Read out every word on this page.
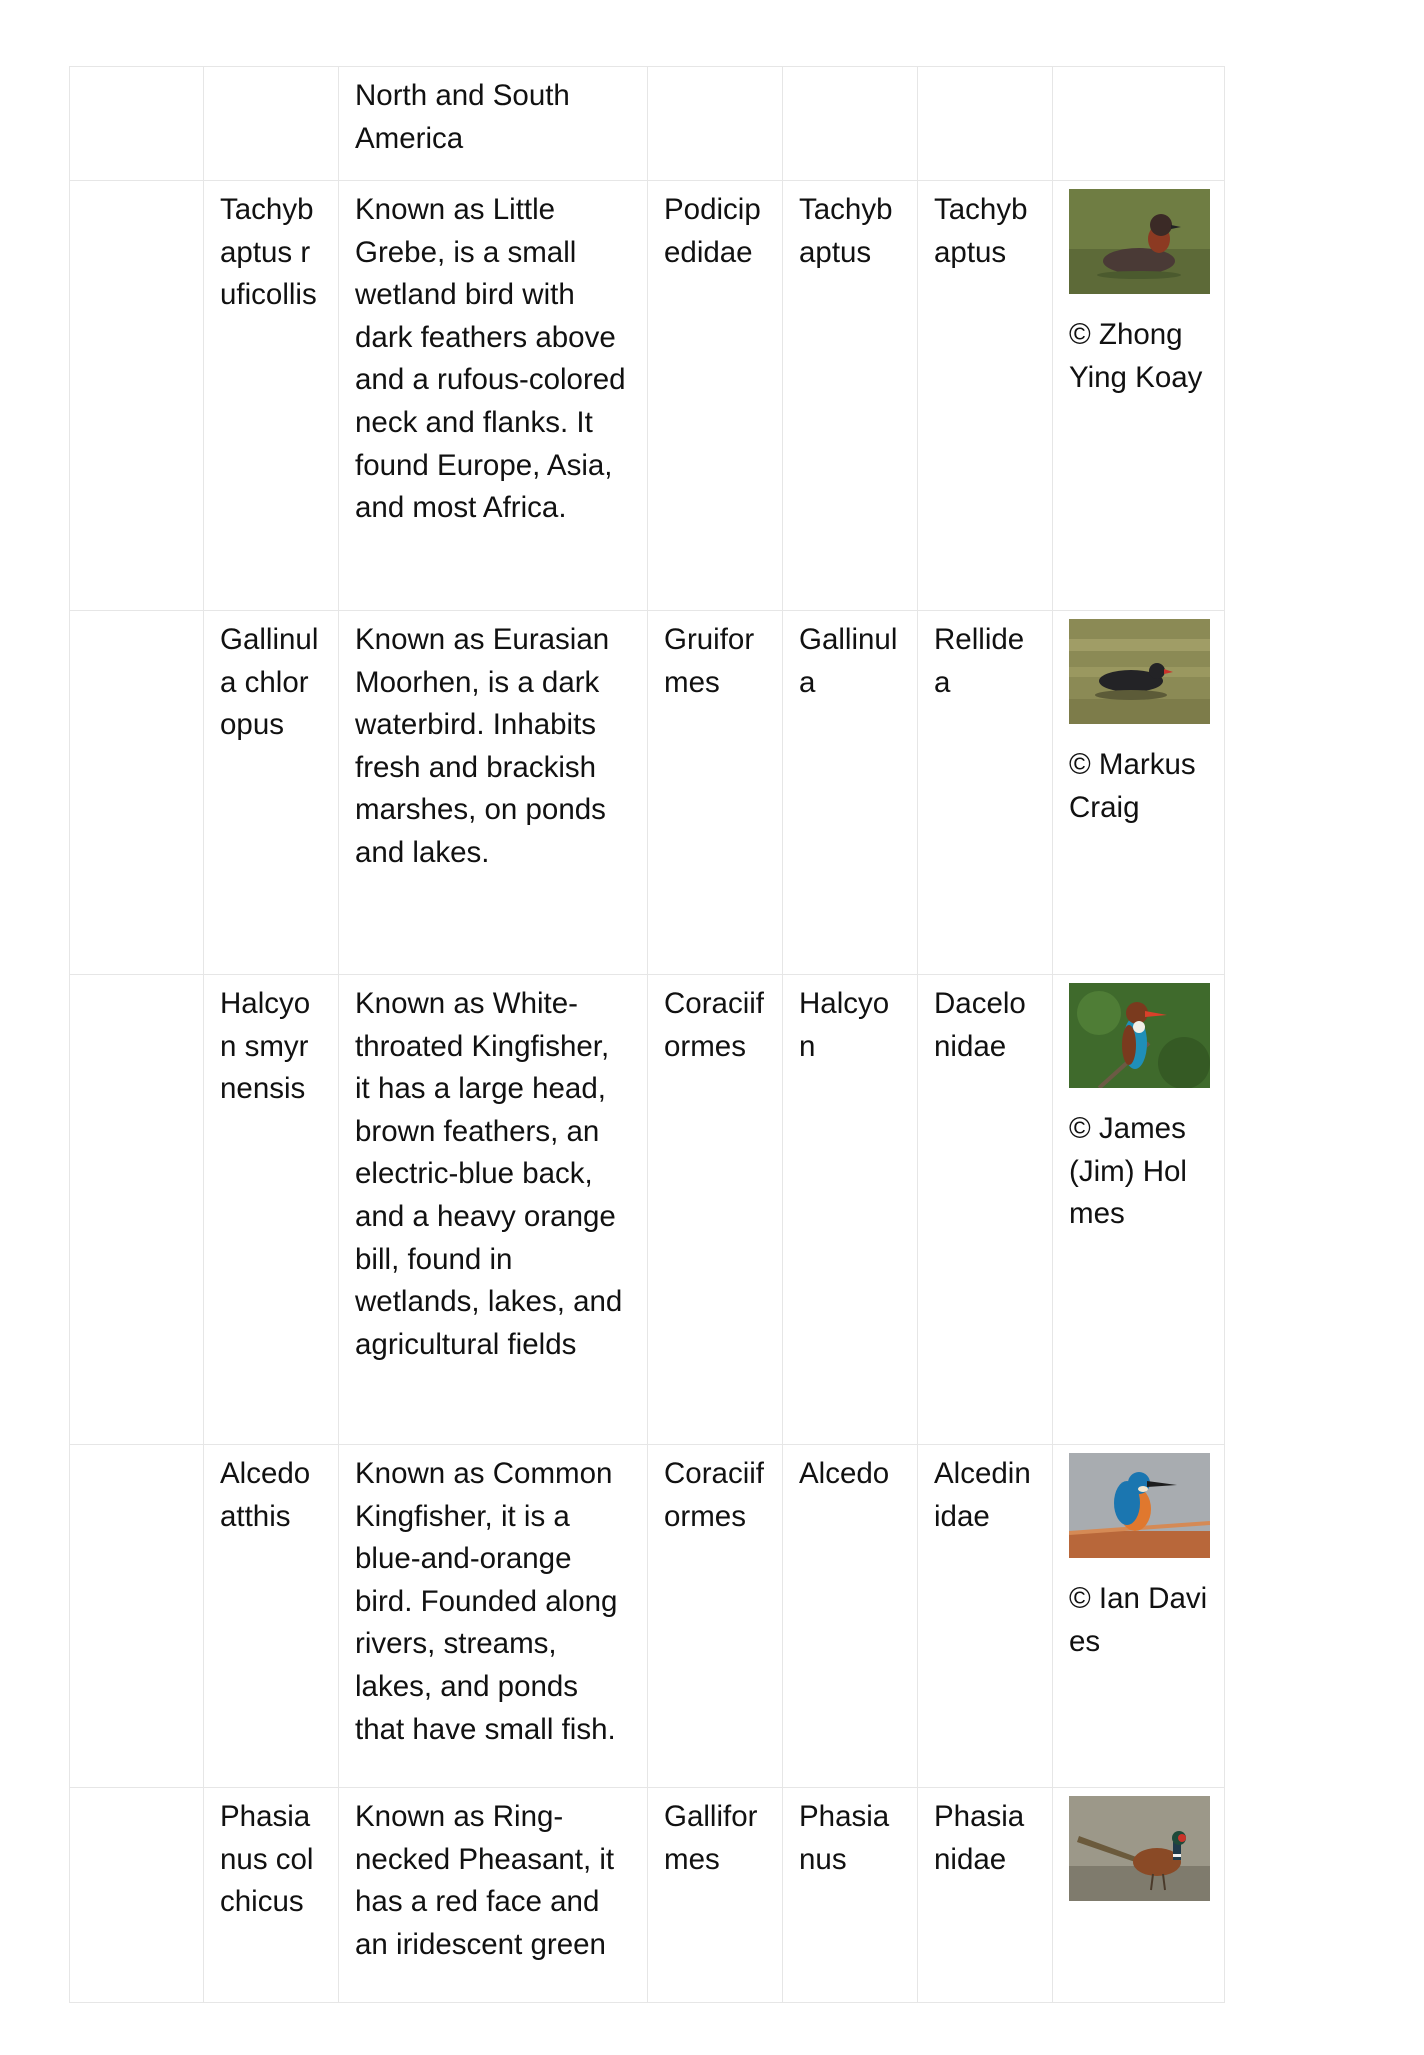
		North and South America				
	Tachybaptus ruficollis	Known as Little Grebe, is a small wetland bird with dark feathers above and a rufous-colored neck and flanks. It found Europe, Asia, and most Africa.	Podicipedidae	Tachybaptus	Tachybaptus	© Zhong Ying Koay

	Gallinula chloropus	Known as Eurasian Moorhen, is a dark waterbird. Inhabits fresh and brackish marshes, on ponds and lakes.	Gruiformes	Gallinula	Rellidea	© Markus Craig

	Halcyon smyrnensis	Known as White-throated Kingfisher, it has a large head, brown feathers, an electric-blue back, and a heavy orange bill, found in wetlands, lakes, and agricultural fields	Coraciiformes	Halcyon	Dacelonidae	© James (Jim) Holmes

	Alcedo atthis	Known as Common Kingfisher, it is a blue-and-orange bird. Founded along rivers, streams, lakes, and ponds that have small fish.	Coraciiformes	Alcedo	Alcedinidae	© Ian Davies

	Phasianus colchicus	Known as Ring-necked Pheasant, it has a red face and an iridescent green	Galliformes	Phasianus	Phasianidae	
